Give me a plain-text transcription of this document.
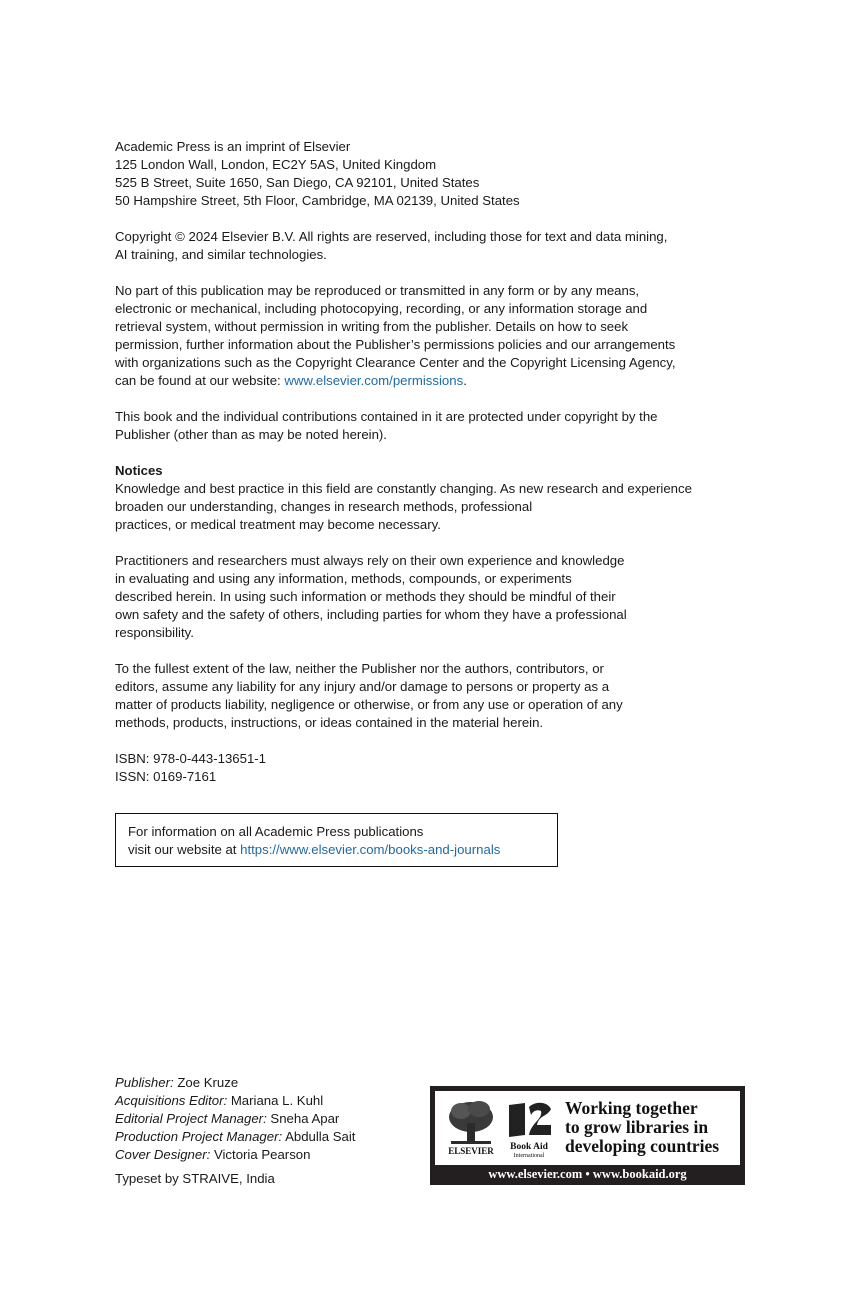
Academic Press is an imprint of Elsevier
125 London Wall, London, EC2Y 5AS, United Kingdom
525 B Street, Suite 1650, San Diego, CA 92101, United States
50 Hampshire Street, 5th Floor, Cambridge, MA 02139, United States
Copyright © 2024 Elsevier B.V. All rights are reserved, including those for text and data mining,
AI training, and similar technologies.
No part of this publication may be reproduced or transmitted in any form or by any means,
electronic or mechanical, including photocopying, recording, or any information storage and
retrieval system, without permission in writing from the publisher. Details on how to seek
permission, further information about the Publisher’s permissions policies and our arrangements
with organizations such as the Copyright Clearance Center and the Copyright Licensing Agency,
can be found at our website: www.elsevier.com/permissions.
This book and the individual contributions contained in it are protected under copyright by the
Publisher (other than as may be noted herein).
Notices
Knowledge and best practice in this field are constantly changing. As new research and experience
broaden our understanding, changes in research methods, professional
practices, or medical treatment may become necessary.
Practitioners and researchers must always rely on their own experience and knowledge
in evaluating and using any information, methods, compounds, or experiments
described herein. In using such information or methods they should be mindful of their
own safety and the safety of others, including parties for whom they have a professional
responsibility.
To the fullest extent of the law, neither the Publisher nor the authors, contributors, or
editors, assume any liability for any injury and/or damage to persons or property as a
matter of products liability, negligence or otherwise, or from any use or operation of any
methods, products, instructions, or ideas contained in the material herein.
ISBN: 978-0-443-13651-1
ISSN: 0169-7161
For information on all Academic Press publications
visit our website at https://www.elsevier.com/books-and-journals
Publisher: Zoe Kruze
Acquisitions Editor: Mariana L. Kuhl
Editorial Project Manager: Sneha Apar
Production Project Manager: Abdulla Sait
Cover Designer: Victoria Pearson
Typeset by STRAIVE, India
ELSEVIER Book Aid
International
Working together
to grow libraries in
developing countries
www.elsevier.com • www.bookaid.org
